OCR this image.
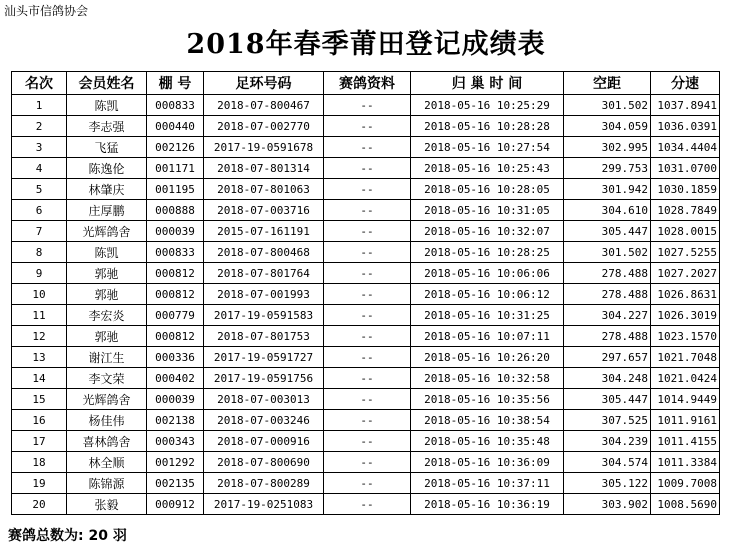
汕头市信鸽协会
2018年春季莆田登记成绩表
名次	会员姓名	棚 号	足环号码	赛鸽资料	归 巢 时 间	空距	分速
1	陈凯	000833	2018-07-800467	--	2018-05-16 10:25:29	301.502	1037.8941
2	李志强	000440	2018-07-002770	--	2018-05-16 10:28:28	304.059	1036.0391
3	飞猛	002126	2017-19-0591678	--	2018-05-16 10:27:54	302.995	1034.4404
4	陈逸伦	001171	2018-07-801314	--	2018-05-16 10:25:43	299.753	1031.0700
5	林肇庆	001195	2018-07-801063	--	2018-05-16 10:28:05	301.942	1030.1859
6	庄厚鹏	000888	2018-07-003716	--	2018-05-16 10:31:05	304.610	1028.7849
7	光辉鸽舍	000039	2015-07-161191	--	2018-05-16 10:32:07	305.447	1028.0015
8	陈凯	000833	2018-07-800468	--	2018-05-16 10:28:25	301.502	1027.5255
9	郭驰	000812	2018-07-801764	--	2018-05-16 10:06:06	278.488	1027.2027
10	郭驰	000812	2018-07-001993	--	2018-05-16 10:06:12	278.488	1026.8631
11	李宏炎	000779	2017-19-0591583	--	2018-05-16 10:31:25	304.227	1026.3019
12	郭驰	000812	2018-07-801753	--	2018-05-16 10:07:11	278.488	1023.1570
13	谢江生	000336	2017-19-0591727	--	2018-05-16 10:26:20	297.657	1021.7048
14	李文荣	000402	2017-19-0591756	--	2018-05-16 10:32:58	304.248	1021.0424
15	光辉鸽舍	000039	2018-07-003013	--	2018-05-16 10:35:56	305.447	1014.9449
16	杨佳伟	002138	2018-07-003246	--	2018-05-16 10:38:54	307.525	1011.9161
17	喜林鸽舍	000343	2018-07-000916	--	2018-05-16 10:35:48	304.239	1011.4155
18	林全顺	001292	2018-07-800690	--	2018-05-16 10:36:09	304.574	1011.3384
19	陈锦源	002135	2018-07-800289	--	2018-05-16 10:37:11	305.122	1009.7008
20	张毅	000912	2017-19-0251083	--	2018-05-16 10:36:19	303.902	1008.5690
赛鸽总数为: 20 羽
